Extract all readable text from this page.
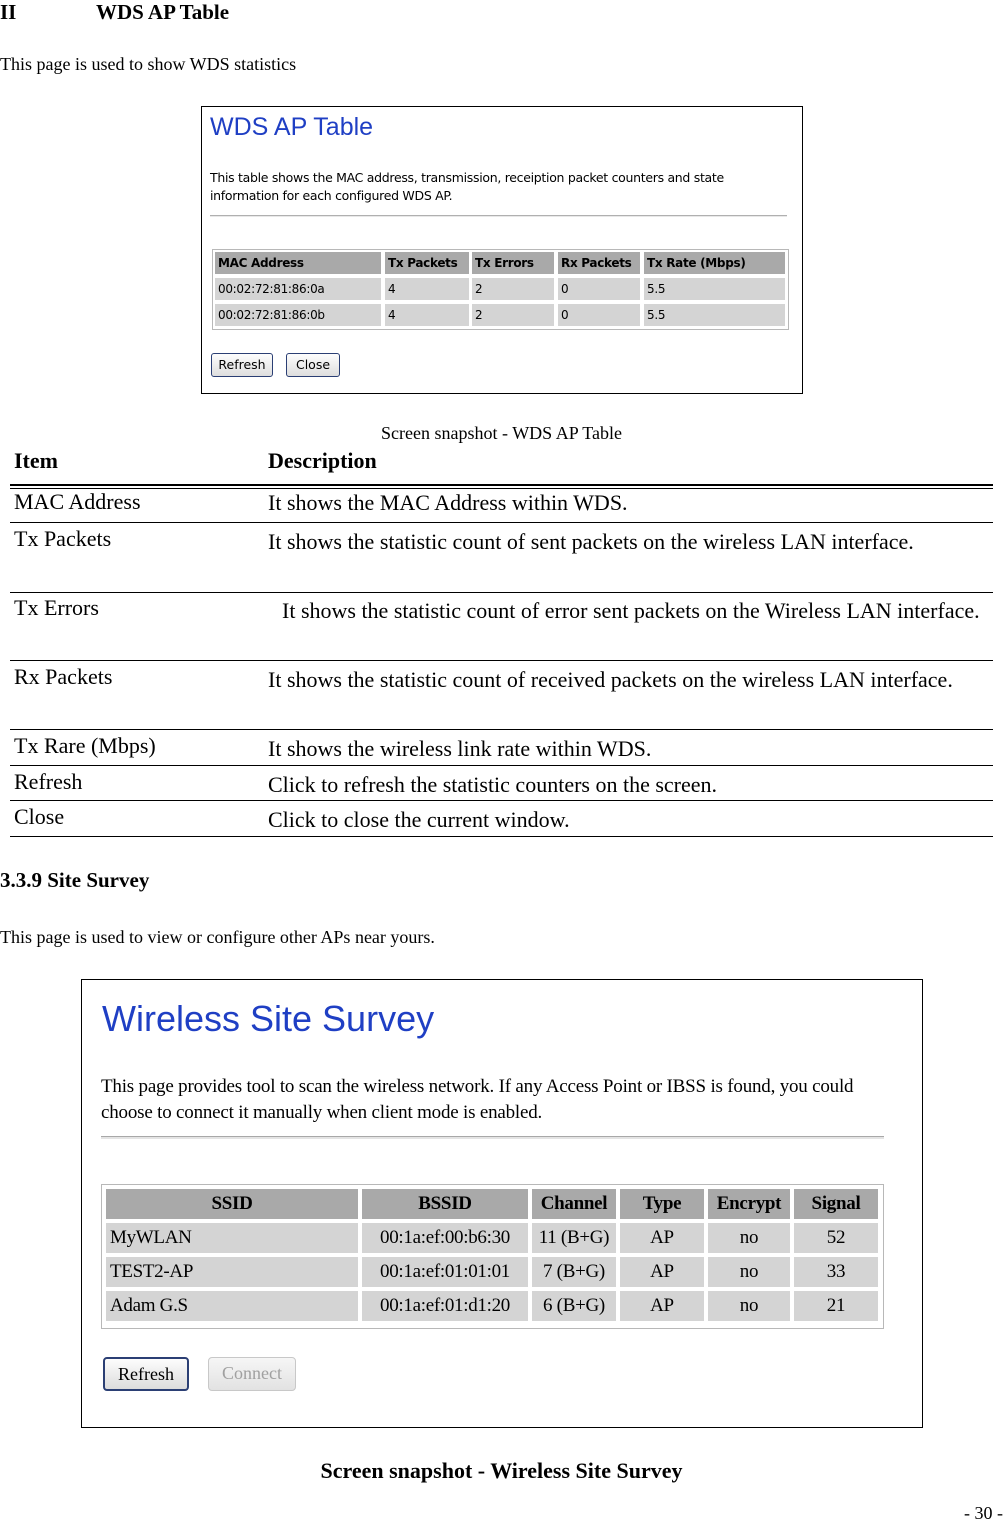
II	WDS AP Table
This page is used to show WDS statistics
WDS AP Table
This table shows the MAC address, transmission, receiption packet counters and state information for each configured WDS AP.
MAC Address	Tx Packets	Tx Errors	Rx Packets	Tx Rate (Mbps)
00:02:72:81:86:0a	4	2	0	5.5
00:02:72:81:86:0b	4	2	0	5.5
Refresh	Close
Screen snapshot - WDS AP Table
Item	Description
MAC Address	It shows the MAC Address within WDS.
Tx Packets	It shows the statistic count of sent packets on the wireless LAN interface.
Tx Errors	It shows the statistic count of error sent packets on the Wireless LAN interface.
Rx Packets	It shows the statistic count of received packets on the wireless LAN interface.
Tx Rare (Mbps)	It shows the wireless link rate within WDS.
Refresh	Click to refresh the statistic counters on the screen.
Close	Click to close the current window.
3.3.9 Site Survey
This page is used to view or configure other APs near yours.
Wireless Site Survey
This page provides tool to scan the wireless network. If any Access Point or IBSS is found, you could choose to connect it manually when client mode is enabled.
SSID	BSSID	Channel	Type	Encrypt	Signal
MyWLAN	00:1a:ef:00:b6:30	11 (B+G)	AP	no	52
TEST2-AP	00:1a:ef:01:01:01	7 (B+G)	AP	no	33
Adam G.S	00:1a:ef:01:d1:20	6 (B+G)	AP	no	21
Refresh	Connect
Screen snapshot - Wireless Site Survey
- 30 -
